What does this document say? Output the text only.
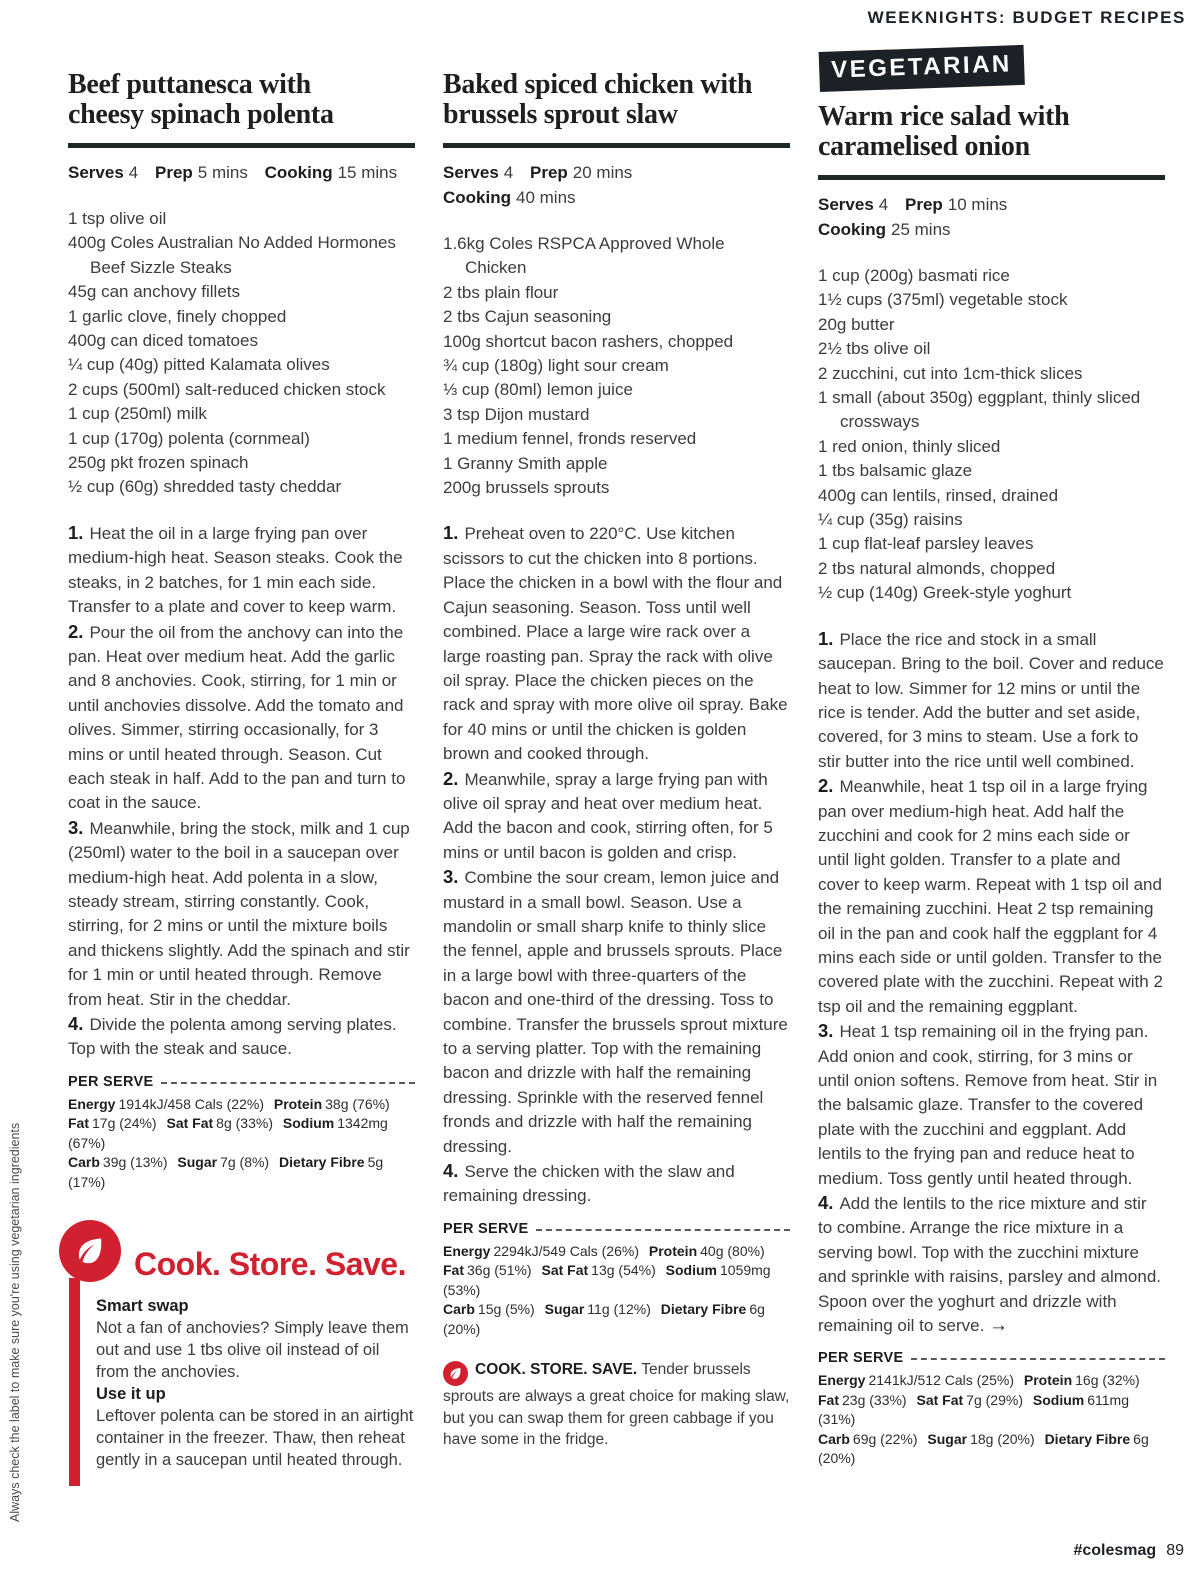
WEEKNIGHTS: BUDGET RECIPES
Beef puttanesca with
cheesy spinach polenta

Serves 4 Prep 5 mins Cooking 15 mins

1 tsp olive oil
400g Coles Australian No Added Hormones Beef Sizzle Steaks
45g can anchovy fillets
1 garlic clove, finely chopped
400g can diced tomatoes
¼ cup (40g) pitted Kalamata olives
2 cups (500ml) salt-reduced chicken stock
1 cup (250ml) milk
1 cup (170g) polenta (cornmeal)
250g pkt frozen spinach
½ cup (60g) shredded tasty cheddar

1. Heat the oil in a large frying pan over medium-high heat. Season steaks. Cook the steaks, in 2 batches, for 1 min each side. Transfer to a plate and cover to keep warm.

2. Pour the oil from the anchovy can into the pan. Heat over medium heat. Add the garlic and 8 anchovies. Cook, stirring, for 1 min or until anchovies dissolve. Add the tomato and olives. Simmer, stirring occasionally, for 3 mins or until heated through. Season. Cut each steak in half. Add to the pan and turn to coat in the sauce.

3. Meanwhile, bring the stock, milk and 1 cup (250ml) water to the boil in a saucepan over medium-high heat. Add polenta in a slow, steady stream, stirring constantly. Cook, stirring, for 2 mins or until the mixture boils and thickens slightly. Add the spinach and stir for 1 min or until heated through. Remove from heat. Stir in the cheddar.

4. Divide the polenta among serving plates. Top with the steak and sauce.

PER SERVE

Energy 1914kJ/458 Cals (22%) Protein 38g (76%)

Fat 17g (24%) Sat Fat 8g (33%) Sodium 1342mg (67%)

Carb 39g (13%) Sugar 7g (8%) Dietary Fibre 5g (17%)

Cook. Store. Save.

Smart swap

Not a fan of anchovies? Simply leave them out and use 1 tbs olive oil instead of oil from the anchovies.

Use it up

Leftover polenta can be stored in an airtight container in the freezer. Thaw, then reheat gently in a saucepan until heated through.

Baked spiced chicken with
brussels sprout slaw

Serves 4 Prep 20 mins

Cooking 40 mins

1.6kg Coles RSPCA Approved Whole Chicken
2 tbs plain flour
2 tbs Cajun seasoning
100g shortcut bacon rashers, chopped
¾ cup (180g) light sour cream
⅓ cup (80ml) lemon juice
3 tsp Dijon mustard
1 medium fennel, fronds reserved
1 Granny Smith apple
200g brussels sprouts

1. Preheat oven to 220°C. Use kitchen scissors to cut the chicken into 8 portions. Place the chicken in a bowl with the flour and Cajun seasoning. Season. Toss until well combined. Place a large wire rack over a large roasting pan. Spray the rack with olive oil spray. Place the chicken pieces on the rack and spray with more olive oil spray. Bake for 40 mins or until the chicken is golden brown and cooked through.

2. Meanwhile, spray a large frying pan with olive oil spray and heat over medium heat. Add the bacon and cook, stirring often, for 5 mins or until bacon is golden and crisp.

3. Combine the sour cream, lemon juice and mustard in a small bowl. Season. Use a mandolin or small sharp knife to thinly slice the fennel, apple and brussels sprouts. Place in a large bowl with three-quarters of the bacon and one-third of the dressing. Toss to combine. Transfer the brussels sprout mixture to a serving platter. Top with the remaining bacon and drizzle with half the remaining dressing. Sprinkle with the reserved fennel fronds and drizzle with half the remaining dressing.

4. Serve the chicken with the slaw and remaining dressing.

PER SERVE

Energy 2294kJ/549 Cals (26%) Protein 40g (80%)

Fat 36g (51%) Sat Fat 13g (54%) Sodium 1059mg (53%)

Carb 15g (5%) Sugar 11g (12%) Dietary Fibre 6g (20%)

COOK. STORE. SAVE. Tender brussels sprouts are always a great choice for making slaw, but you can swap them for green cabbage if you have some in the fridge.

VEGETARIAN
Warm rice salad with
caramelised onion

Serves 4 Prep 10 mins

Cooking 25 mins

1 cup (200g) basmati rice
1½ cups (375ml) vegetable stock
20g butter
2½ tbs olive oil
2 zucchini, cut into 1cm-thick slices
1 small (about 350g) eggplant, thinly sliced crossways
1 red onion, thinly sliced
1 tbs balsamic glaze
400g can lentils, rinsed, drained
¼ cup (35g) raisins
1 cup flat-leaf parsley leaves
2 tbs natural almonds, chopped
½ cup (140g) Greek-style yoghurt

1. Place the rice and stock in a small saucepan. Bring to the boil. Cover and reduce heat to low. Simmer for 12 mins or until the rice is tender. Add the butter and set aside, covered, for 3 mins to steam. Use a fork to stir butter into the rice until well combined.

2. Meanwhile, heat 1 tsp oil in a large frying pan over medium-high heat. Add half the zucchini and cook for 2 mins each side or until light golden. Transfer to a plate and cover to keep warm. Repeat with 1 tsp oil and the remaining zucchini. Heat 2 tsp remaining oil in the pan and cook half the eggplant for 4 mins each side or until golden. Transfer to the covered plate with the zucchini. Repeat with 2 tsp oil and the remaining eggplant.

3. Heat 1 tsp remaining oil in the frying pan. Add onion and cook, stirring, for 3 mins or until onion softens. Remove from heat. Stir in the balsamic glaze. Transfer to the covered plate with the zucchini and eggplant. Add lentils to the frying pan and reduce heat to medium. Toss gently until heated through.

4. Add the lentils to the rice mixture and stir to combine. Arrange the rice mixture in a serving bowl. Top with the zucchini mixture and sprinkle with raisins, parsley and almond. Spoon over the yoghurt and drizzle with remaining oil to serve. →

PER SERVE

Energy 2141kJ/512 Cals (25%) Protein 16g (32%)

Fat 23g (33%) Sat Fat 7g (29%) Sodium 611mg (31%)

Carb 69g (22%) Sugar 18g (20%) Dietary Fibre 6g (20%)

Always check the label to make sure you're using vegetarian ingredients
#colesmag 89
